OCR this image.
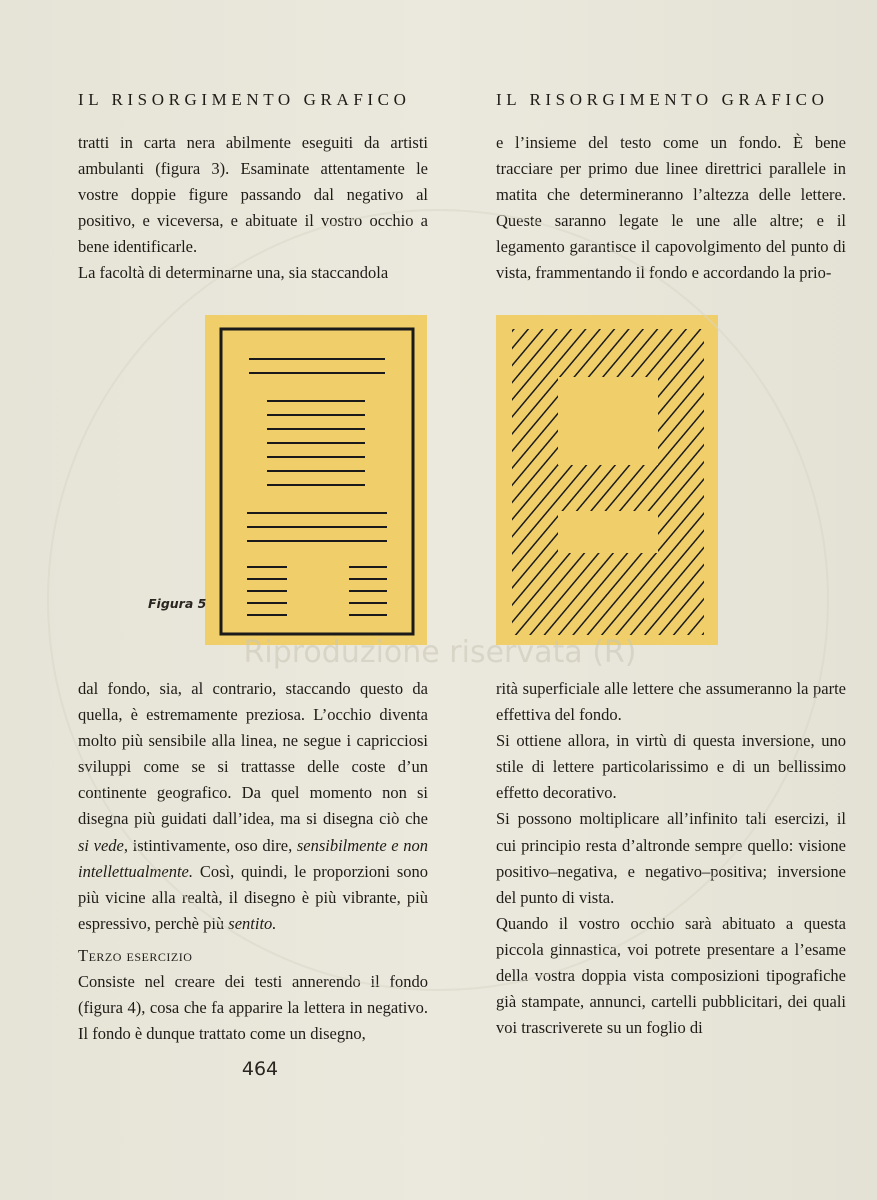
IL RISORGIMENTO GRAFICO	IL RISORGIMENTO GRAFICO

tratti in carta nera abilmente eseguiti da artisti ambulanti (figura 3). Esaminate attentamente le vostre doppie figure passando dal negativo al positivo, e viceversa, e abituate il vostro occhio a bene identificarle.

La facoltà di determinarne una, sia staccandola

e l’insieme del testo come un fondo. È bene tracciare per primo due linee direttrici parallele in matita che determineranno l’altezza delle lettere. Queste saranno legate le une alle altre; e il legamento garantisce il capovolgimento del punto di vista, frammentando il fondo e accordando la prio-

Figura 5

dal fondo, sia, al contrario, staccando questo da quella, è estremamente preziosa. L’occhio diventa molto più sensibile alla linea, ne segue i capricciosi sviluppi come se si trattasse delle coste d’un continente geografico. Da quel momento non si disegna più guidati dall’idea, ma si disegna ciò che si vede, istintivamente, oso dire, sensibilmente e non intellettualmente. Così, quindi, le proporzioni sono più vicine alla realtà, il disegno è più vibrante, più espressivo, perchè più sentito.

Terzo esercizio

Consiste nel creare dei testi annerendo il fondo (figura 4), cosa che fa apparire la lettera in negativo. Il fondo è dunque trattato come un disegno,

rità superficiale alle lettere che assumeranno la parte effettiva del fondo.

Si ottiene allora, in virtù di questa inversione, uno stile di lettere particolarissimo e di un bellissimo effetto decorativo.

Si possono moltiplicare all’infinito tali esercizi, il cui principio resta d’altronde sempre quello: visione positivo–negativa, e negativo–positiva; inversione del punto di vista.

Quando il vostro occhio sarà abituato a questa piccola ginnastica, voi potrete presentare a l’esame della vostra doppia vista composizioni tipografiche già stampate, annunci, cartelli pubblicitari, dei quali voi trascriverete su un foglio di

464
Riproduzione riservata (R)
